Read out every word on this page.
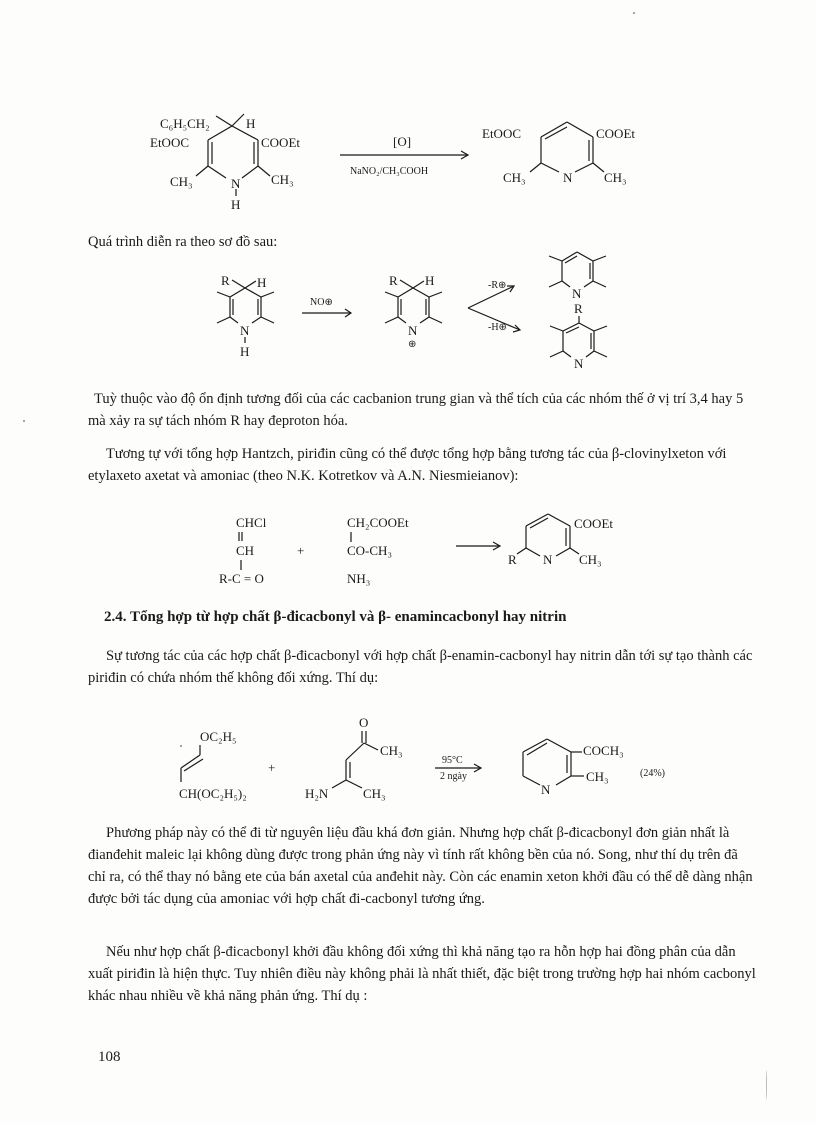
C₆H₅CH₂	H
EtOOC	COOEt
CH₃	CH₃
N
H
[O]
NaNO₂/CH₃COOH
EtOOC	COOEt
CH₃	CH₃
N
Quá trình diễn ra theo sơ đồ sau:
R H
N
H
NO⊕
R H
N
⊕
-R⊕
-H⊕
N
R
N
Tuỳ thuộc vào độ ổn định tương đối của các cacbanion trung gian và thể tích của các nhóm thế ở vị trí 3,4 hay 5 mà xảy ra sự tách nhóm R hay đeproton hóa.
Tương tự với tổng hợp Hantzch, piriđin cũng có thể được tổng hợp bằng tương tác của β-clovinylxeton với etylaxeto axetat và amoniac (theo N.K. Kotretkov và A.N. Niesmieianov):
CHCl
CH
R-C = O
+
CH₂COOEt
CO-CH₃
NH₃
COOEt
R N CH₃
2.4. Tổng hợp từ hợp chất β-đicacbonyl và β- enamincacbonyl hay nitrin
Sự tương tác của các hợp chất β-đicacbonyl với hợp chất β-enamin-cacbonyl hay nitrin dẫn tới sự tạo thành các piriđin có chứa nhóm thế không đối xứng. Thí dụ:
OC₂H₅
CH(OC₂H₅)₂
+
O
CH₃
H₂N	CH₃
95°C
2 ngày
COCH₃
CH₃
N
(24%)
Phương pháp này có thể đi từ nguyên liệu đầu khá đơn giản. Nhưng hợp chất β-đicacbonyl đơn giản nhất là đianđehit maleic lại không dùng được trong phản ứng này vì tính rất không bền của nó. Song, như thí dụ trên đã chỉ ra, có thể thay nó bằng ete của bán axetal của anđehit này. Còn các enamin xeton khởi đầu có thể dễ dàng nhận được bởi tác dụng của amoniac với hợp chất đi-cacbonyl tương ứng.
Nếu như hợp chất β-đicacbonyl khởi đầu không đối xứng thì khả năng tạo ra hỗn hợp hai đồng phân của dẫn xuất piriđin là hiện thực. Tuy nhiên điều này không phải là nhất thiết, đặc biệt trong trường hợp hai nhóm cacbonyl khác nhau nhiều về khả năng phản ứng. Thí dụ :
108
